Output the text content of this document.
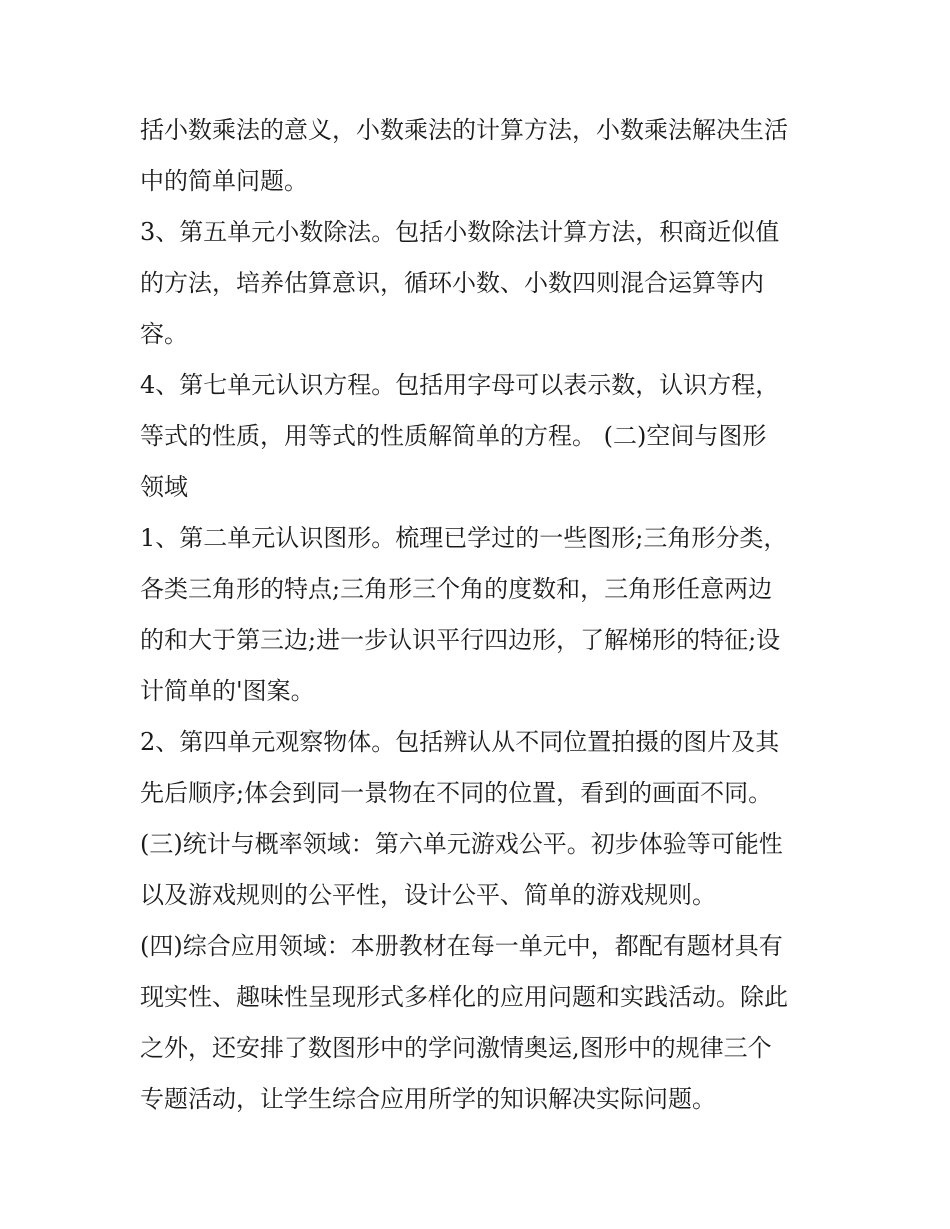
括小数乘法的意义，小数乘法的计算方法，小数乘法解决生活
中的简单问题。
3、第五单元小数除法。包括小数除法计算方法，积商近似值
的方法，培养估算意识，循环小数、小数四则混合运算等内
容。
4、第七单元认识方程。包括用字母可以表示数，认识方程，
等式的性质，用等式的性质解简单的方程。 (二)空间与图形
领域
1、第二单元认识图形。梳理已学过的一些图形;三角形分类，
各类三角形的特点;三角形三个角的度数和，三角形任意两边
的和大于第三边;进一步认识平行四边形，了解梯形的特征;设
计简单的'图案。
2、第四单元观察物体。包括辨认从不同位置拍摄的图片及其
先后顺序;体会到同一景物在不同的位置，看到的画面不同。
(三)统计与概率领域：第六单元游戏公平。初步体验等可能性
以及游戏规则的公平性，设计公平、简单的游戏规则。
(四)综合应用领域：本册教材在每一单元中，都配有题材具有
现实性、趣味性呈现形式多样化的应用问题和实践活动。除此
之外，还安排了数图形中的学问激情奥运,图形中的规律三个
专题活动，让学生综合应用所学的知识解决实际问题。
